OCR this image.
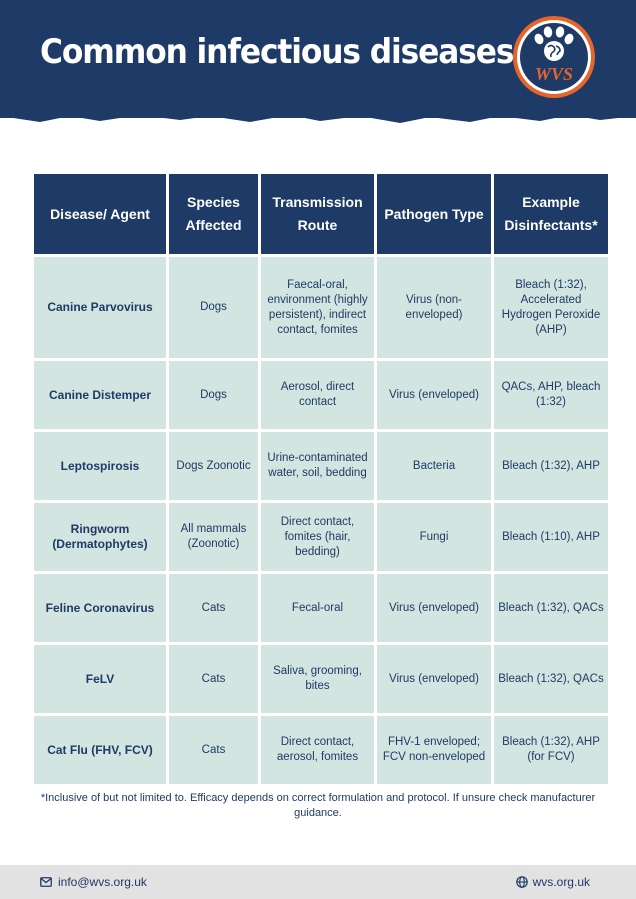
Common infectious diseases
WVS
Disease/ Agent	Species Affected	Transmission Route	Pathogen Type	Example Disinfectants*
Canine Parvovirus	Dogs	Faecal-oral, environment (highly persistent), indirect contact, fomites	Virus (non-enveloped)	Bleach (1:32), Accelerated Hydrogen Peroxide (AHP)
Canine Distemper	Dogs	Aerosol, direct contact	Virus (enveloped)	QACs, AHP, bleach (1:32)
Leptospirosis	Dogs Zoonotic	Urine-contaminated water, soil, bedding	Bacteria	Bleach (1:32), AHP
Ringworm (Dermatophytes)	All mammals (Zoonotic)	Direct contact, fomites (hair, bedding)	Fungi	Bleach (1:10), AHP
Feline Coronavirus	Cats	Fecal-oral	Virus (enveloped)	Bleach (1:32), QACs
FeLV	Cats	Saliva, grooming, bites	Virus (enveloped)	Bleach (1:32), QACs
Cat Flu (FHV, FCV)	Cats	Direct contact, aerosol, fomites	FHV-1 enveloped; FCV non-enveloped	Bleach (1:32), AHP (for FCV)
*Inclusive of but not limited to. Efficacy depends on correct formulation and protocol. If unsure check manufacturer guidance.
info@wvs.org.uk	wvs.org.uk
